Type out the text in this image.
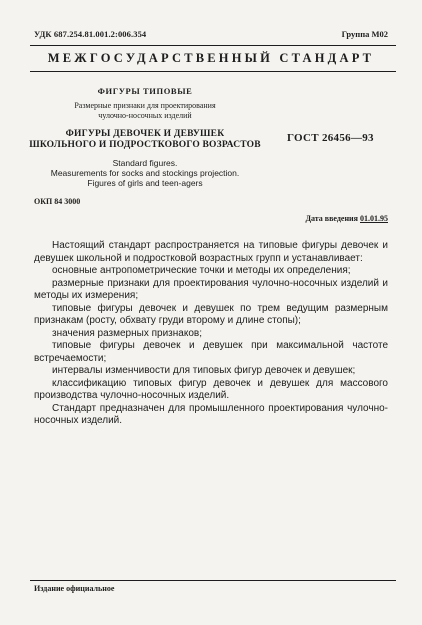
УДК 687.254.81.001.2:006.354	Группа М02
МЕЖГОСУДАРСТВЕННЫЙ СТАНДАРТ
ФИГУРЫ ТИПОВЫЕ
Размерные признаки для проектирования
чулочно-носочных изделий
ФИГУРЫ ДЕВОЧЕК И ДЕВУШЕК
ШКОЛЬНОГО И ПОДРОСТКОВОГО ВОЗРАСТОВ
ГОСТ 26456—93
Standard figures.
Measurements for socks and stockings projection.
Figures of girls and teen-agers
ОКП 84 3000
Дата введения 01.01.95

Настоящий стандарт распространяется на типовые фигуры девочек и девушек школьной и подростковой возрастных групп и устанавливает:

основные антропометрические точки и методы их определения;

размерные признаки для проектирования чулочно-носочных изделий и методы их измерения;

типовые фигуры девочек и девушек по трем ведущим размерным признакам (росту, обхвату груди второму и длине стопы);

значения размерных признаков;

типовые фигуры девочек и девушек при максимальной частоте встречаемости;

интервалы изменчивости для типовых фигур девочек и девушек;

классификацию типовых фигур девочек и девушек для массового производства чулочно-носочных изделий.

Стандарт предназначен для промышленного проектирования чулочно-носочных изделий.

Издание официальное
